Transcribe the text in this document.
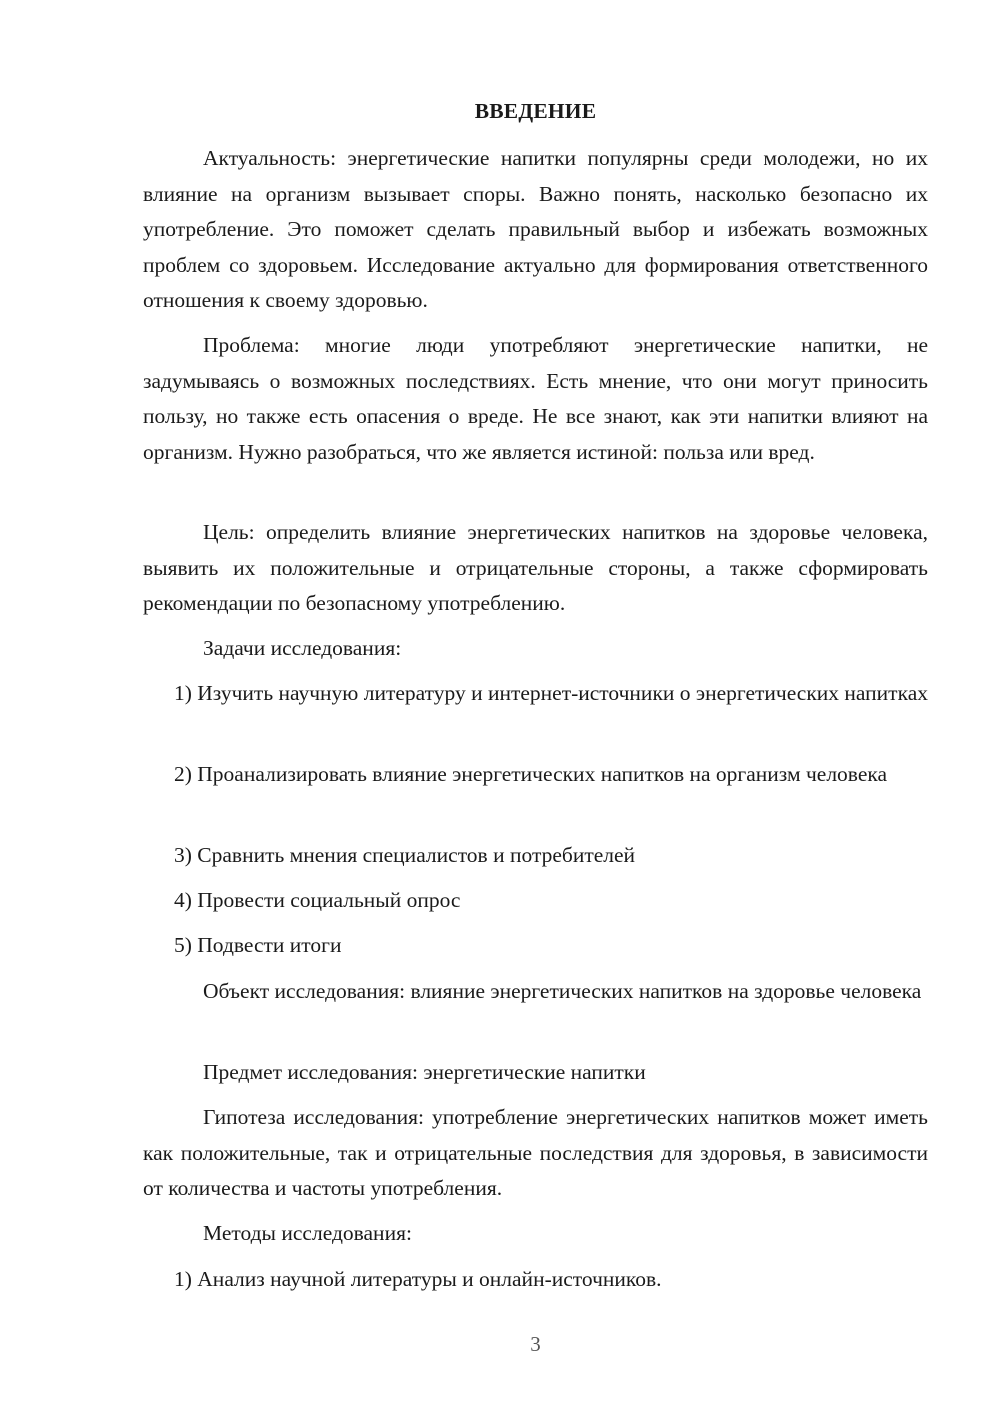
ВВЕДЕНИЕ

Актуальность: энергетические напитки популярны среди молодежи, но их влияние на организм вызывает споры. Важно понять, насколько безопасно их употребление. Это поможет сделать правильный выбор и избежать возможных проблем со здоровьем. Исследование актуально для формирования ответственного отношения к своему здоровью.

Проблема: многие люди употребляют энергетические напитки, не задумываясь о возможных последствиях. Есть мнение, что они могут приносить пользу, но также есть опасения о вреде. Не все знают, как эти напитки влияют на организм. Нужно разобраться, что же является истиной: польза или вред.

Цель: определить влияние энергетических напитков на здоровье человека, выявить их положительные и отрицательные стороны, а также сформировать рекомендации по безопасному употреблению.

Задачи исследования:

1) Изучить научную литературу и интернет-источники о энергетических напитках

2) Проанализировать влияние энергетических напитков на организм человека

3) Сравнить мнения специалистов и потребителей

4) Провести социальный опрос

5) Подвести итоги

Объект исследования: влияние энергетических напитков на здоровье человека

Предмет исследования: энергетические напитки

Гипотеза исследования: употребление энергетических напитков может иметь как положительные, так и отрицательные последствия для здоровья, в зависимости от количества и частоты употребления.

Методы исследования:

1) Анализ научной литературы и онлайн-источников.

3
